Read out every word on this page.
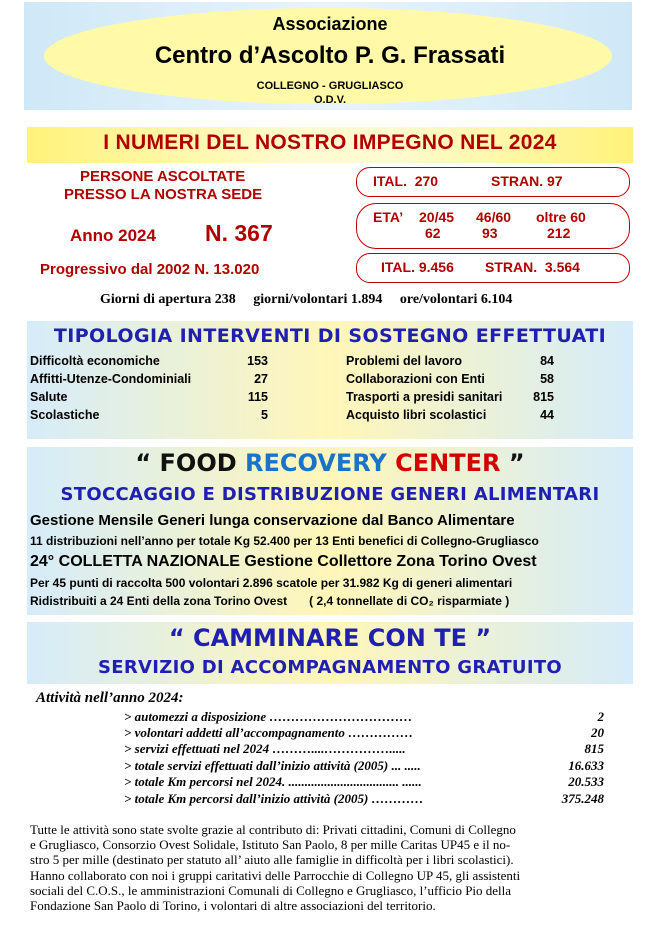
Associazione
Centro d’Ascolto P. G. Frassati
COLLEGNO - GRUGLIASCO
O.D.V.
I NUMERI DEL NOSTRO IMPEGNO NEL 2024
PERSONE ASCOLTATE
PRESSO LA NOSTRA SEDE
Anno 2024 N. 367
Progressivo dal 2002 N. 13.020
ITAL.  270	STRAN. 97
ETA’ 20/45 46/60 oltre 60
62	93	212
ITAL. 9.456 STRAN.  3.564
Giorni di apertura 238 giorni/volontari 1.894 ore/volontari 6.104
TIPOLOGIA INTERVENTI DI SOSTEGNO EFFETTUATI
Difficoltà economiche	153
Affitti-Utenze-Condominiali	27
Salute	115
Scolastiche	5
Problemi del lavoro	84
Collaborazioni con Enti	58
Trasporti a presidi sanitari	815
Acquisto libri scolastici	44
“ FOOD RECOVERY CENTER ”
STOCCAGGIO E DISTRIBUZIONE GENERI ALIMENTARI
Gestione Mensile Generi lunga conservazione dal Banco Alimentare
11 distribuzioni nell’anno per totale Kg 52.400 per 13 Enti benefici di Collegno-Grugliasco
24° COLLETTA NAZIONALE Gestione Collettore Zona Torino Ovest
Per 45 punti di raccolta 500 volontari 2.896 scatole per 31.982 Kg di generi alimentari
Ridistribuiti a 24 Enti della zona Torino Ovest ( 2,4 tonnellate di CO₂ risparmiate )
“ CAMMINARE CON TE ”
SERVIZIO DI ACCOMPAGNAMENTO GRATUITO
Attività nell’anno 2024:
> automezzi a disposizione ……………………………	2
> volontari addetti all’accompagnamento ……………	20
> servizi effettuati nel 2024 ………....…………….....	815
> totale servizi effettuati dall’inizio attività (2005) ... .....	16.633
> totale Km percorsi nel 2024. .................................. ......	20.533
> totale Km percorsi dall’inizio attività (2005) …………	375.248
Tutte le attività sono state svolte grazie al contributo di: Privati cittadini, Comuni di Collegno
e Grugliasco, Consorzio Ovest Solidale, Istituto San Paolo, 8 per mille Caritas UP45 e il no-
stro 5 per mille (destinato per statuto all’ aiuto alle famiglie in difficoltà per i libri scolastici).
Hanno collaborato con noi i gruppi caritativi delle Parrocchie di Collegno UP 45, gli assistenti
sociali del C.O.S., le amministrazioni Comunali di Collegno e Grugliasco, l’ufficio Pio della
Fondazione San Paolo di Torino, i volontari di altre associazioni del territorio.
